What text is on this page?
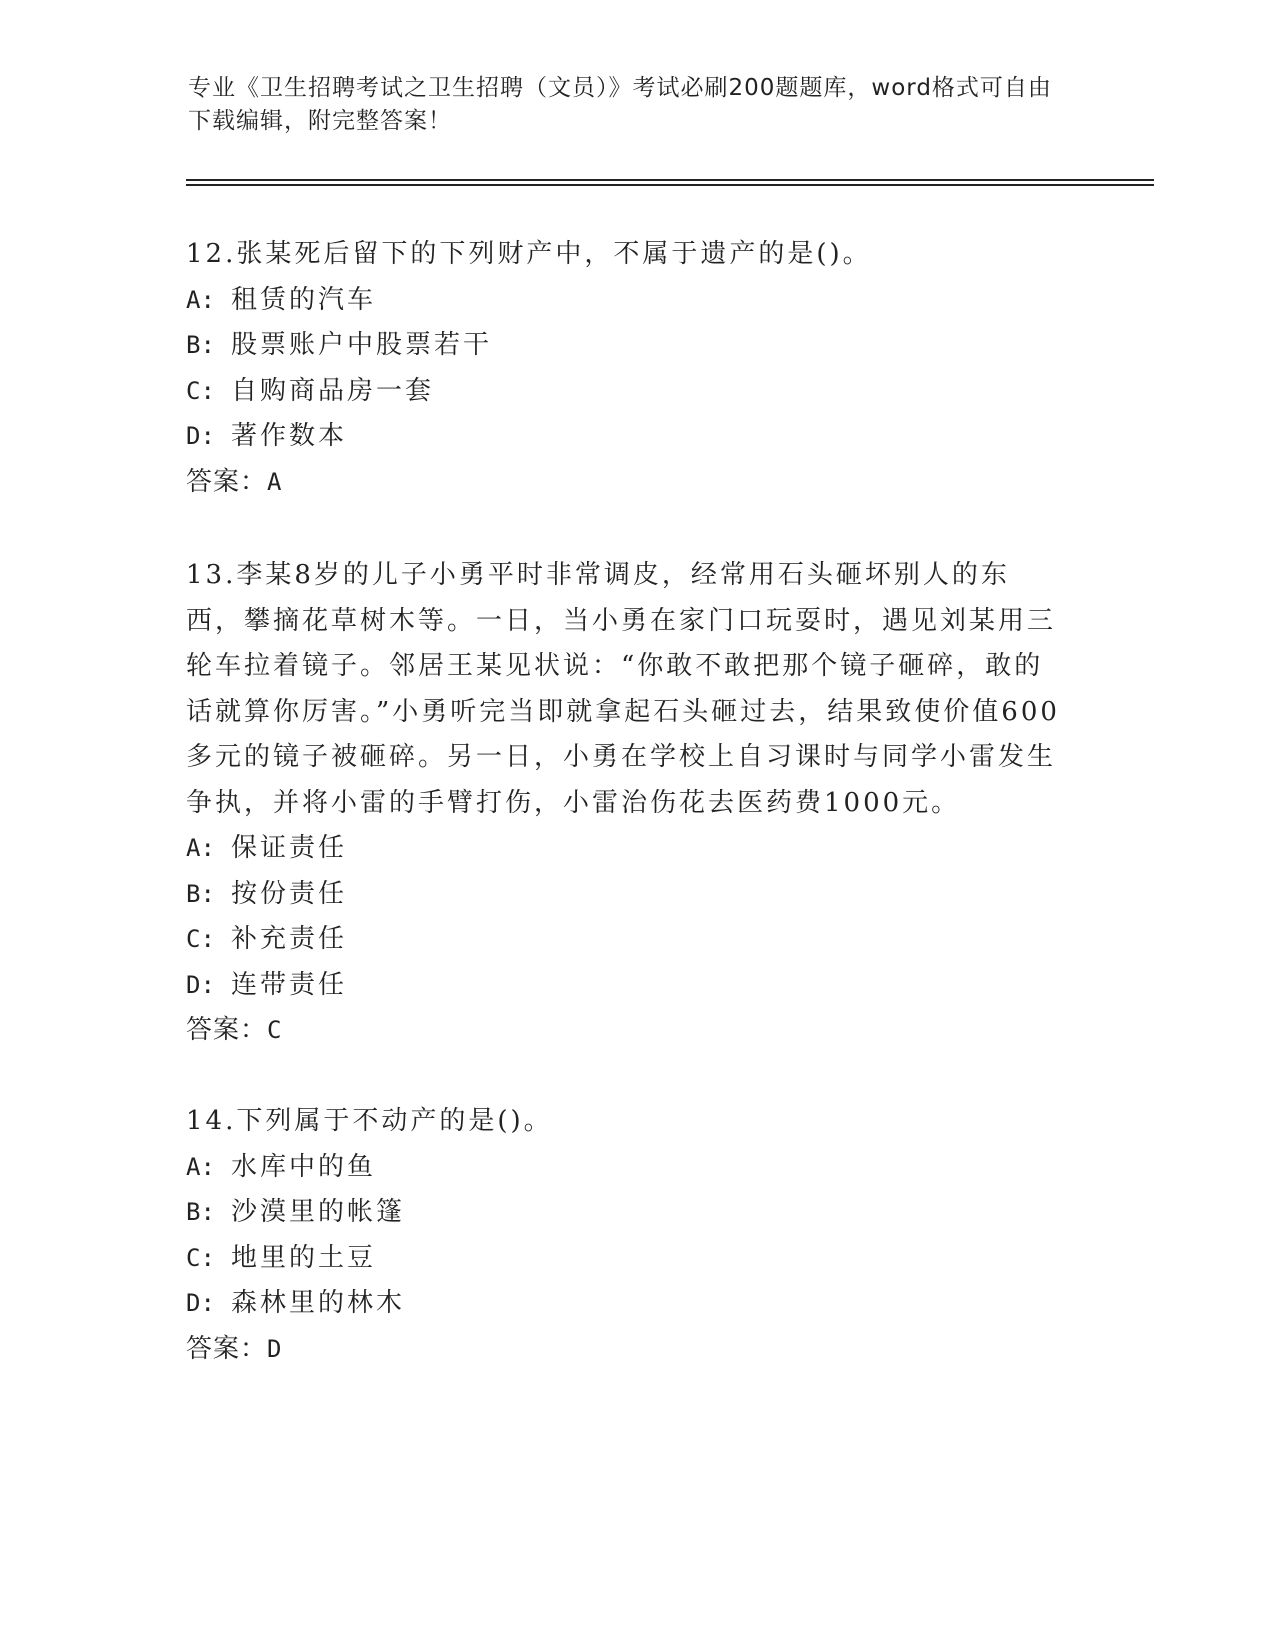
专业《卫生招聘考试之卫生招聘（文员）》考试必刷200题题库，word格式可自由下载编辑，附完整答案！

12.张某死后留下的下列财产中，不属于遗产的是()。

A: 租赁的汽车
B: 股票账户中股票若干
C: 自购商品房一套
D: 著作数本

答案：A

13.李某8岁的儿子小勇平时非常调皮，经常用石头砸坏别人的东西，攀摘花草树木等。一日，当小勇在家门口玩耍时，遇见刘某用三轮车拉着镜子。邻居王某见状说：“你敢不敢把那个镜子砸碎，敢的话就算你厉害。”小勇听完当即就拿起石头砸过去，结果致使价值600多元的镜子被砸碎。另一日，小勇在学校上自习课时与同学小雷发生争执，并将小雷的手臂打伤，小雷治伤花去医药费1000元。

A: 保证责任
B: 按份责任
C: 补充责任
D: 连带责任

答案：C

14.下列属于不动产的是()。

A: 水库中的鱼
B: 沙漠里的帐篷
C: 地里的土豆
D: 森林里的林木

答案：D
